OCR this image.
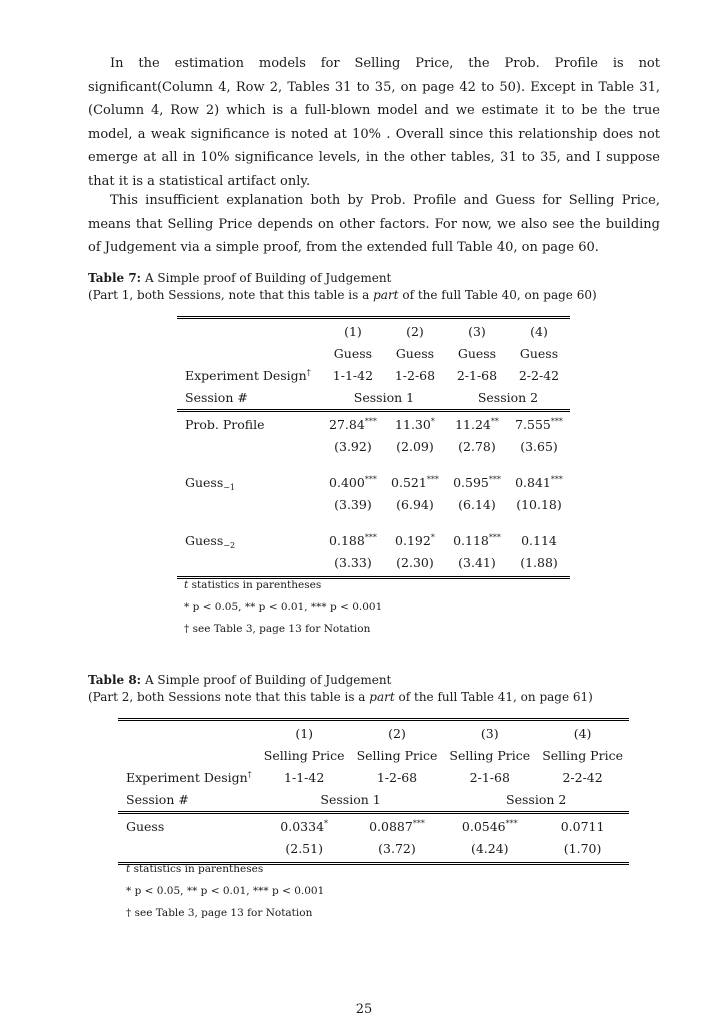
In the estimation models for Selling Price, the Prob. Profile is not significant(Column 4, Row 2, Tables 31 to 35, on page 42 to 50). Except in Table 31, (Column 4, Row 2) which is a full-blown model and we estimate it to be the true model, a weak significance is noted at 10% . Overall since this relationship does not emerge at all in 10% significance levels, in the other tables, 31 to 35, and I suppose that it is a statistical artifact only.

This insufficient explanation both by Prob. Profile and Guess for Selling Price, means that Selling Price depends on other factors. For now, we also see the building of Judgement via a simple proof, from the extended full Table 40, on page 60.

Table 7: A Simple proof of Building of Judgement
(Part 1, both Sessions, note that this table is a part of the full Table 40, on page 60)
	(1)	(2)	(3)	(4)
	Guess	Guess	Guess	Guess
Experiment Design†	1-1-42	1-2-68	2-1-68	2-2-42
Session #	Session 1		Session 2	
Prob. Profile	27.84***	11.30*	11.24**	7.555***
	(3.92)	(2.09)	(2.78)	(3.65)

Guess$_{-1}$	0.400***	0.521***	0.595***	0.841***
	(3.39)	(6.94)	(6.14)	(10.18)

Guess$_{-2}$	0.188***	0.192*	0.118***	0.114
	(3.33)	(2.30)	(3.41)	(1.88)
t statistics in parentheses
* p < 0.05, ** p < 0.01, *** p < 0.001
† see Table 3, page 13 for Notation
Table 8: A Simple proof of Building of Judgement
(Part 2, both Sessions note that this table is a part of the full Table 41, on page 61)
	(1)	(2)	(3)	(4)
	Selling Price	Selling Price	Selling Price	Selling Price
Experiment Design†	1-1-42	1-2-68	2-1-68	2-2-42
Session #	Session 1		Session 2	
Guess	0.0334*	0.0887***	0.0546***	0.0711
	(2.51)	(3.72)	(4.24)	(1.70)
t statistics in parentheses
* p < 0.05, ** p < 0.01, *** p < 0.001
† see Table 3, page 13 for Notation
25
